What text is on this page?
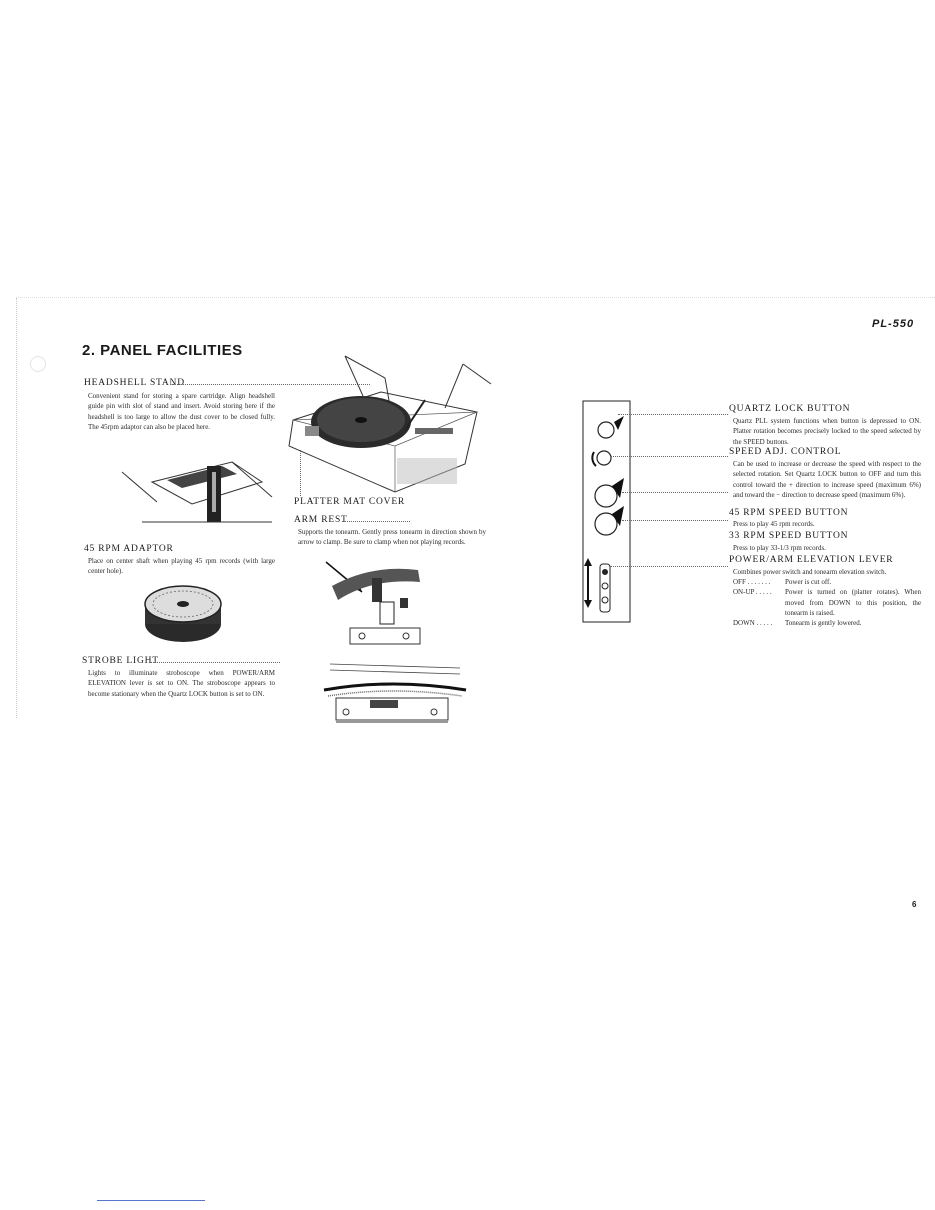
PL-550
2. PANEL FACILITIES
6
HEADSHELL STAND
Convenient stand for storing a spare cartridge. Align headshell guide pin with slot of stand and insert. Avoid storing here if the headshell is too large to allow the dust cover to be closed fully. The 45rpm adaptor can also be placed here.
45 RPM ADAPTOR
Place on center shaft when playing 45 rpm records (with large center hole).
STROBE LIGHT
Lights to illuminate stroboscope when POWER/ARM ELEVATION lever is set to ON. The stroboscope appears to become stationary when the Quartz LOCK button is set to ON.
PLATTER MAT COVER
ARM REST
Supports the tonearm. Gently press tonearm in direction shown by arrow to clamp. Be sure to clamp when not playing records.
QUARTZ LOCK BUTTON
Quartz PLL system functions when button is depressed to ON. Platter rotation becomes precisely locked to the speed selected by the SPEED buttons.
SPEED ADJ. CONTROL
Can be used to increase or decrease the speed with respect to the selected rotation. Set Quartz LOCK button to OFF and turn this control toward the + direction to increase speed (maximum 6%) and toward the − direction to decrease speed (maximum 6%).
45 RPM SPEED BUTTON
Press to play 45 rpm records.
33 RPM SPEED BUTTON
Press to play 33-1/3 rpm records.
POWER/ARM ELEVATION LEVER
Combines power switch and tonearm elevation switch.
OFF . . . . . . .	Power is cut off.
ON-UP . . . . .	Power is turned on (platter rotates). When moved from DOWN to this position, the tonearm is raised.
DOWN . . . . .	Tonearm is gently lowered.
